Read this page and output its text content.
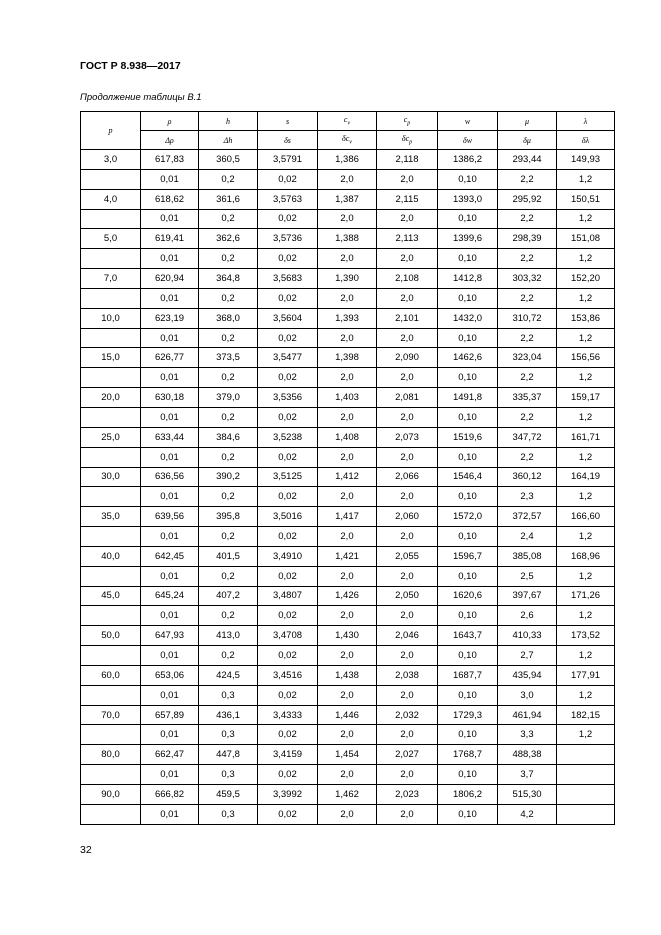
ГОСТ Р 8.938—2017
Продолжение таблицы В.1
p	ρ	h	s	$c_v$	$c_p$	w	μ	λ
	Δρ	Δh	δs	$\delta c_v$	$\delta c_p$	δw	δμ	δλ
3,0	617,83	360,5	3,5791	1,386	2,118	1386,2	293,44	149,93
	0,01	0,2	0,02	2,0	2,0	0,10	2,2	1,2
4,0	618,62	361,6	3,5763	1,387	2,115	1393,0	295,92	150,51
	0,01	0,2	0,02	2,0	2,0	0,10	2,2	1,2
5,0	619,41	362,6	3,5736	1,388	2,113	1399,6	298,39	151,08
	0,01	0,2	0,02	2,0	2,0	0,10	2,2	1,2
7,0	620,94	364,8	3,5683	1,390	2,108	1412,8	303,32	152,20
	0,01	0,2	0,02	2,0	2,0	0,10	2,2	1,2
10,0	623,19	368,0	3,5604	1,393	2,101	1432,0	310,72	153,86
	0,01	0,2	0,02	2,0	2,0	0,10	2,2	1,2
15,0	626,77	373,5	3,5477	1,398	2,090	1462,6	323,04	156,56
	0,01	0,2	0,02	2,0	2,0	0,10	2,2	1,2
20,0	630,18	379,0	3,5356	1,403	2,081	1491,8	335,37	159,17
	0,01	0,2	0,02	2,0	2,0	0,10	2,2	1,2
25,0	633,44	384,6	3,5238	1,408	2,073	1519,6	347,72	161,71
	0,01	0,2	0,02	2,0	2,0	0,10	2,2	1,2
30,0	636,56	390,2	3,5125	1,412	2,066	1546,4	360,12	164,19
	0,01	0,2	0,02	2,0	2,0	0,10	2,3	1,2
35,0	639,56	395,8	3,5016	1,417	2,060	1572,0	372,57	166,60
	0,01	0,2	0,02	2,0	2,0	0,10	2,4	1,2
40,0	642,45	401,5	3,4910	1,421	2,055	1596,7	385,08	168,96
	0,01	0,2	0,02	2,0	2,0	0,10	2,5	1,2
45,0	645,24	407,2	3,4807	1,426	2,050	1620,6	397,67	171,26
	0,01	0,2	0,02	2,0	2,0	0,10	2,6	1,2
50,0	647,93	413,0	3,4708	1,430	2,046	1643,7	410,33	173,52
	0,01	0,2	0,02	2,0	2,0	0,10	2,7	1,2
60,0	653,06	424,5	3,4516	1,438	2,038	1687,7	435,94	177,91
	0,01	0,3	0,02	2,0	2,0	0,10	3,0	1,2
70,0	657,89	436,1	3,4333	1,446	2,032	1729,3	461,94	182,15
	0,01	0,3	0,02	2,0	2,0	0,10	3,3	1,2
80,0	662,47	447,8	3,4159	1,454	2,027	1768,7	488,38	
	0,01	0,3	0,02	2,0	2,0	0,10	3,7	
90,0	666,82	459,5	3,3992	1,462	2,023	1806,2	515,30	
	0,01	0,3	0,02	2,0	2,0	0,10	4,2	
32
